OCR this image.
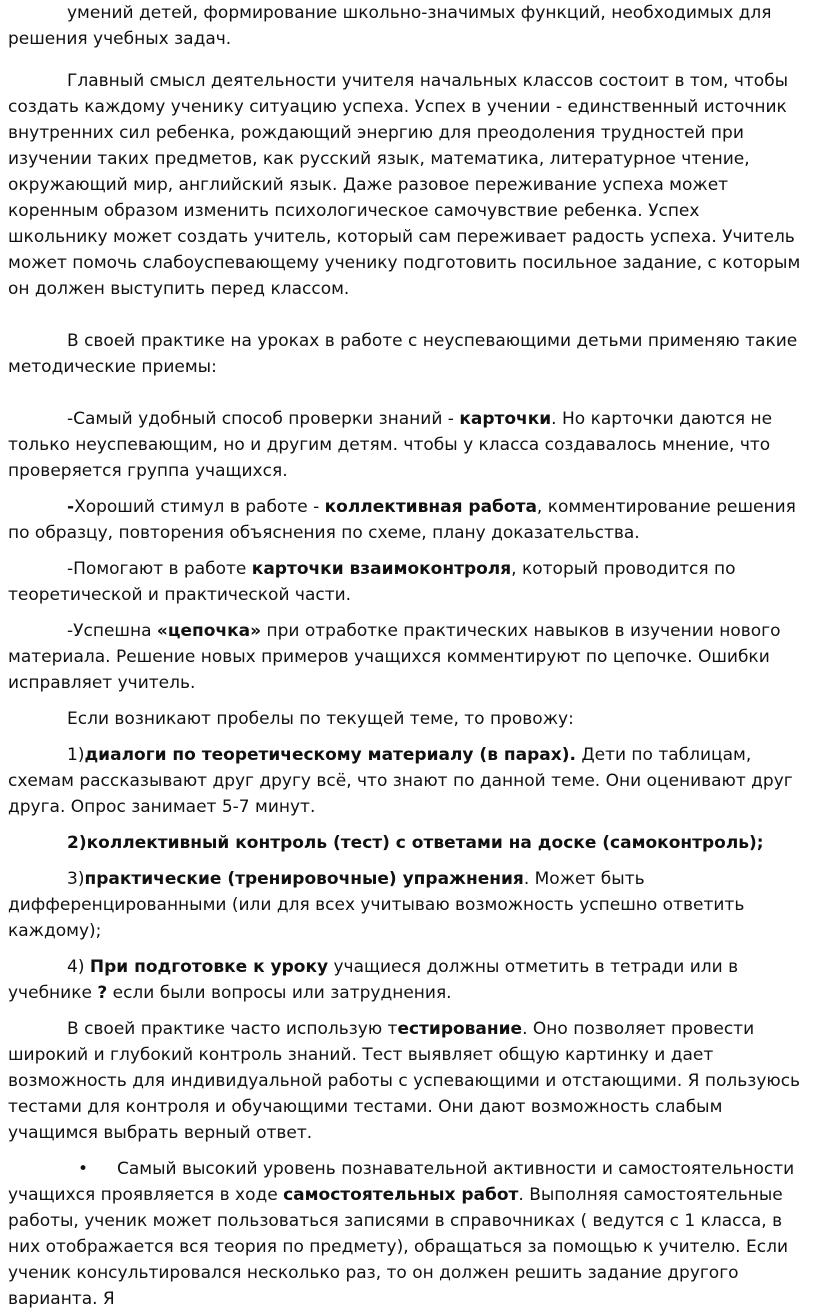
умений детей, формирование школьно-значимых функций, необходимых для
решения учебных задач.

Главный смысл деятельности учителя начальных классов состоит в том, чтобы создать каждому ученику ситуацию успеха. Успех в учении - единственный источник внутренних сил ребенка, рождающий энергию для преодоления трудностей при изучении таких предметов, как русский язык, математика, литературное чтение, окружающий мир, английский язык. Даже разовое переживание успеха может коренным образом изменить психологическое самочувствие ребенка. Успех школьнику может создать учитель, который сам переживает радость успеха. Учитель может помочь слабоуспевающему ученику подготовить посильное задание, с которым он должен выступить перед классом.

В своей практике на уроках в работе с неуспевающими детьми применяю такие методические приемы:

-Самый удобный способ проверки знаний - карточки. Но карточки даются не только неуспевающим, но и другим детям. чтобы у класса создавалось мнение, что проверяется группа учащихся.

-Хороший стимул в работе - коллективная работа, комментирование решения по образцу, повторения объяснения по схеме, плану доказательства.

-Помогают в работе карточки взаимоконтроля, который проводится по теоретической и практической части.

-Успешна «цепочка» при отработке практических навыков в изучении нового материала. Решение новых примеров учащихся комментируют по цепочке. Ошибки исправляет учитель.

Если возникают пробелы по текущей теме, то провожу:

1)диалоги по теоретическому материалу (в парах). Дети по таблицам, схемам рассказывают друг другу всё, что знают по данной теме. Они оценивают друг друга. Опрос занимает 5-7 минут.

2)коллективный контроль (тест) с ответами на доске (самоконтроль);

3)практические (тренировочные) упражнения. Может быть дифференцированными (или для всех учитываю возможность успешно ответить каждому);

4) При подготовке к уроку учащиеся должны отметить в тетради или в учебнике ? если были вопросы или затруднения.

В своей практике часто использую тестирование. Оно позволяет провести широкий и глубокий контроль знаний. Тест выявляет общую картинку и дает возможность для индивидуальной работы с успевающими и отстающими. Я пользуюсь тестами для контроля и обучающими тестами. Они дают возможность слабым учащимся выбрать верный ответ.

• Самый высокий уровень познавательной активности и самостоятельности учащихся проявляется в ходе самостоятельных работ. Выполняя самостоятельные работы, ученик может пользоваться записями в справочниках ( ведутся с 1 класса, в них отображается вся теория по предмету), обращаться за помощью к учителю. Если ученик консультировался несколько раз, то он должен решить задание другого варианта. Я
